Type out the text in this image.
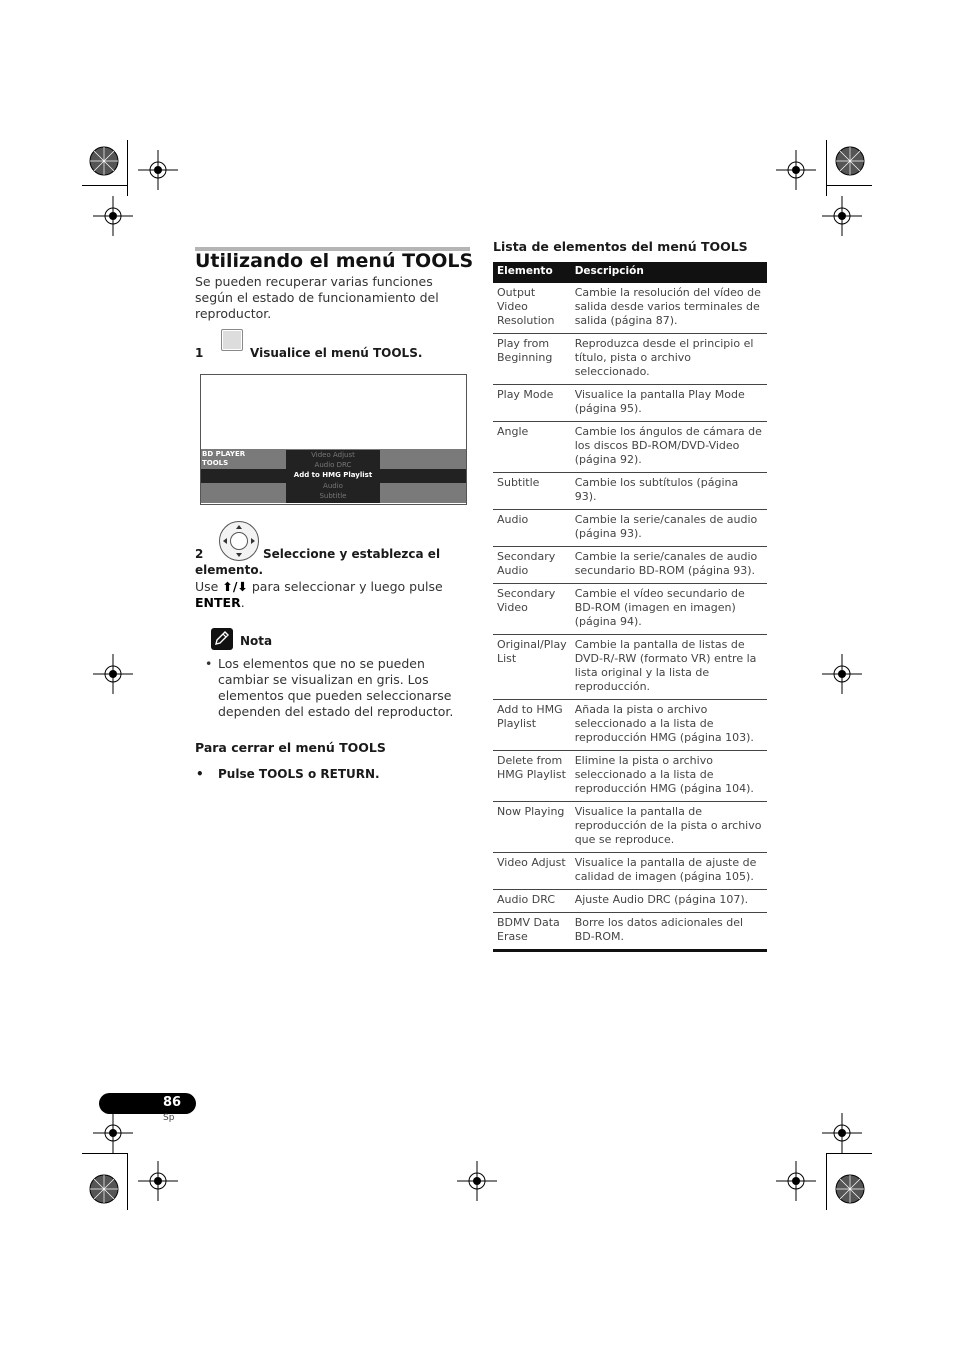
Utilizando el menú TOOLS
Se pueden recuperar varias funciones según el estado de funcionamiento del reproductor.
1	Visualice el menú TOOLS.
BD PLAYER
TOOLS
Video Adjust
Audio DRC
Add to HMG Playlist
Audio
Subtitle
2	Seleccione y establezca el
elemento.
Use ⬆/⬇ para seleccionar y luego pulse
ENTER.
Nota
• Los elementos que no se pueden cambiar se visualizan en gris. Los elementos que pueden seleccionarse dependen del estado del reproductor.
Para cerrar el menú TOOLS
• Pulse TOOLS o RETURN.
Lista de elementos del menú TOOLS
Elemento	Descripción
Output Video Resolution	Cambie la resolución del vídeo de salida desde varios terminales de salida (página 87).
Play from Beginning	Reproduzca desde el principio el título, pista o archivo seleccionado.
Play Mode	Visualice la pantalla Play Mode (página 95).
Angle	Cambie los ángulos de cámara de los discos BD-ROM/DVD-Video (página 92).
Subtitle	Cambie los subtítulos (página 93).
Audio	Cambie la serie/canales de audio (página 93).
Secondary Audio	Cambie la serie/canales de audio secundario BD-ROM (página 93).
Secondary Video	Cambie el vídeo secundario de BD-ROM (imagen en imagen) (página 94).
Original/Play List	Cambie la pantalla de listas de DVD-R/-RW (formato VR) entre la lista original y la lista de reproducción.
Add to HMG Playlist	Añada la pista o archivo seleccionado a la lista de reproducción HMG (página 103).
Delete from HMG Playlist	Elimine la pista o archivo seleccionado a la lista de reproducción HMG (página 104).
Now Playing	Visualice la pantalla de reproducción de la pista o archivo que se reproduce.
Video Adjust	Visualice la pantalla de ajuste de calidad de imagen (página 105).
Audio DRC	Ajuste Audio DRC (página 107).
BDMV Data Erase	Borre los datos adicionales del BD-ROM.
86
Sp
